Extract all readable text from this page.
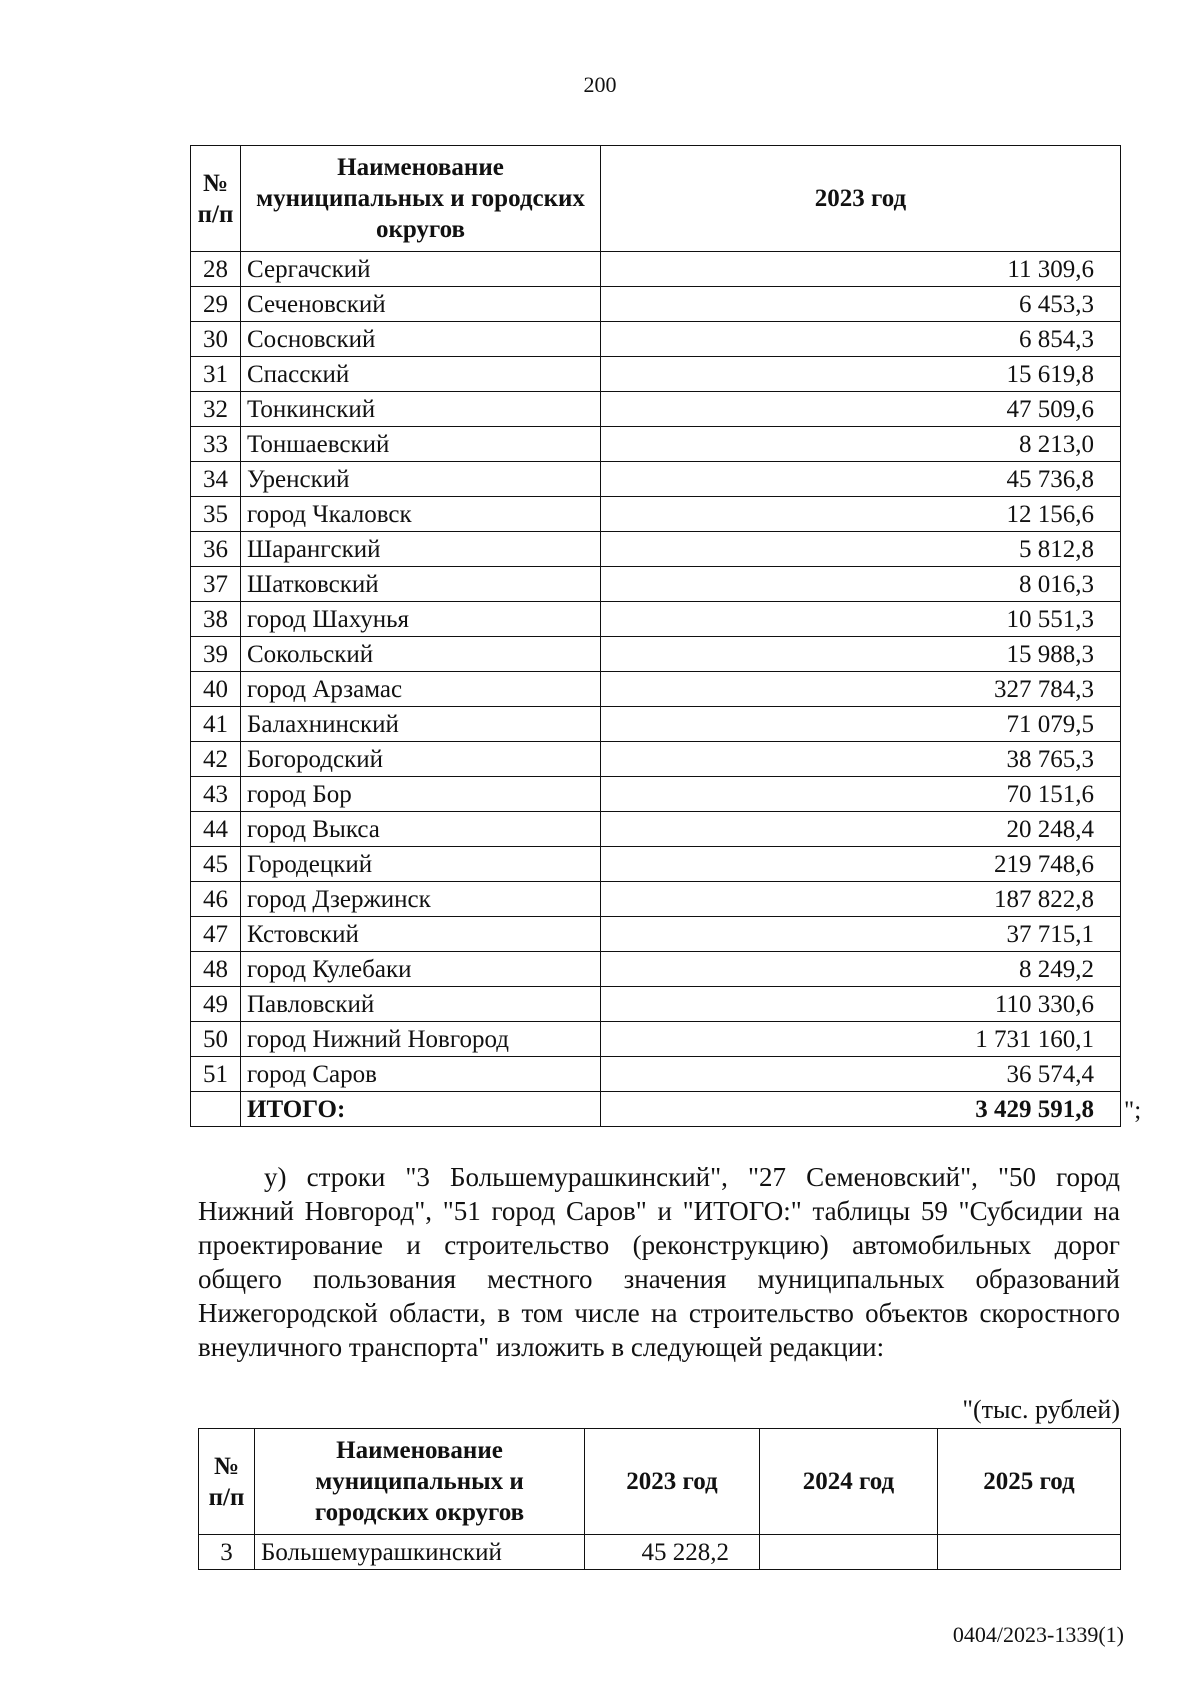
200
№ п/п	Наименование муниципальных и городских округов	2023 год
28	Сергачский	11 309,6
29	Сеченовский	6 453,3
30	Сосновский	6 854,3
31	Спасский	15 619,8
32	Тонкинский	47 509,6
33	Тоншаевский	8 213,0
34	Уренский	45 736,8
35	город Чкаловск	12 156,6
36	Шарангский	5 812,8
37	Шатковский	8 016,3
38	город Шахунья	10 551,3
39	Сокольский	15 988,3
40	город Арзамас	327 784,3
41	Балахнинский	71 079,5
42	Богородский	38 765,3
43	город Бор	70 151,6
44	город Выкса	20 248,4
45	Городецкий	219 748,6
46	город Дзержинск	187 822,8
47	Кстовский	37 715,1
48	город Кулебаки	8 249,2
49	Павловский	110 330,6
50	город Нижний Новгород	1 731 160,1
51	город Саров	36 574,4
	ИТОГО:	3 429 591,8 ";
у) строки "3 Большемурашкинский", "27 Семеновский", "50 город Нижний Новгород", "51 город Саров" и "ИТОГО:" таблицы 59 "Субсидии на проектирование и строительство (реконструкцию) автомобильных дорог общего пользования местного значения муниципальных образований Нижегородской области, в том числе на строительство объектов скоростного внеуличного транспорта" изложить в следующей редакции:
"(тыс. рублей)
№ п/п	Наименование муниципальных и городских округов	2023 год	2024 год	2025 год
3	Большемурашкинский	45 228,2		
0404/2023-1339(1)
